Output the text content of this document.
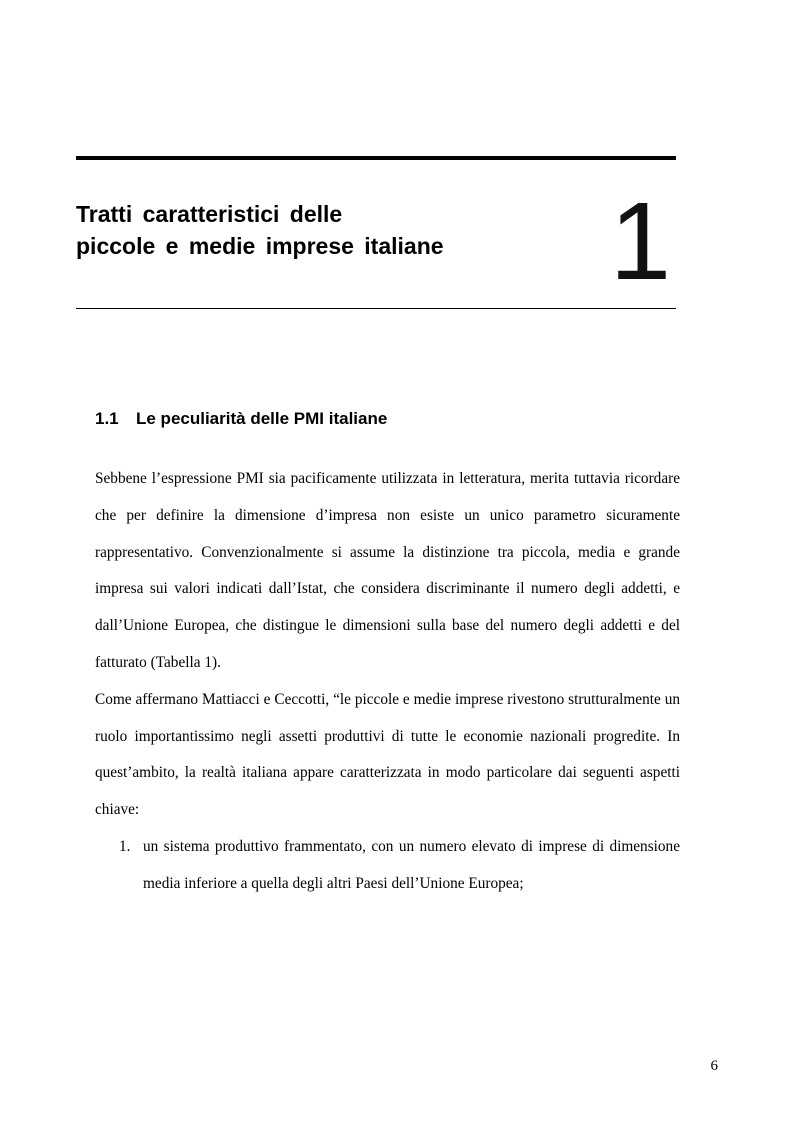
Tratti caratteristici delle
piccole e medie imprese italiane 1
1.1 Le peculiarità delle PMI italiane

Sebbene l’espressione PMI sia pacificamente utilizzata in letteratura, merita tuttavia ricordare che per definire la dimensione d’impresa non esiste un unico parametro sicuramente rappresentativo. Convenzionalmente si assume la distinzione tra piccola, media e grande impresa sui valori indicati dall’Istat, che considera discriminante il numero degli addetti, e dall’Unione Europea, che distingue le dimensioni sulla base del numero degli addetti e del fatturato (Tabella 1).

Come affermano Mattiacci e Ceccotti, “le piccole e medie imprese rivestono strutturalmente un ruolo importantissimo negli assetti produttivi di tutte le economie nazionali progredite. In quest’ambito, la realtà italiana appare caratterizzata in modo particolare dai seguenti aspetti chiave:

1. un sistema produttivo frammentato, con un numero elevato di imprese di dimensione media inferiore a quella degli altri Paesi dell’Unione Europea;
6
